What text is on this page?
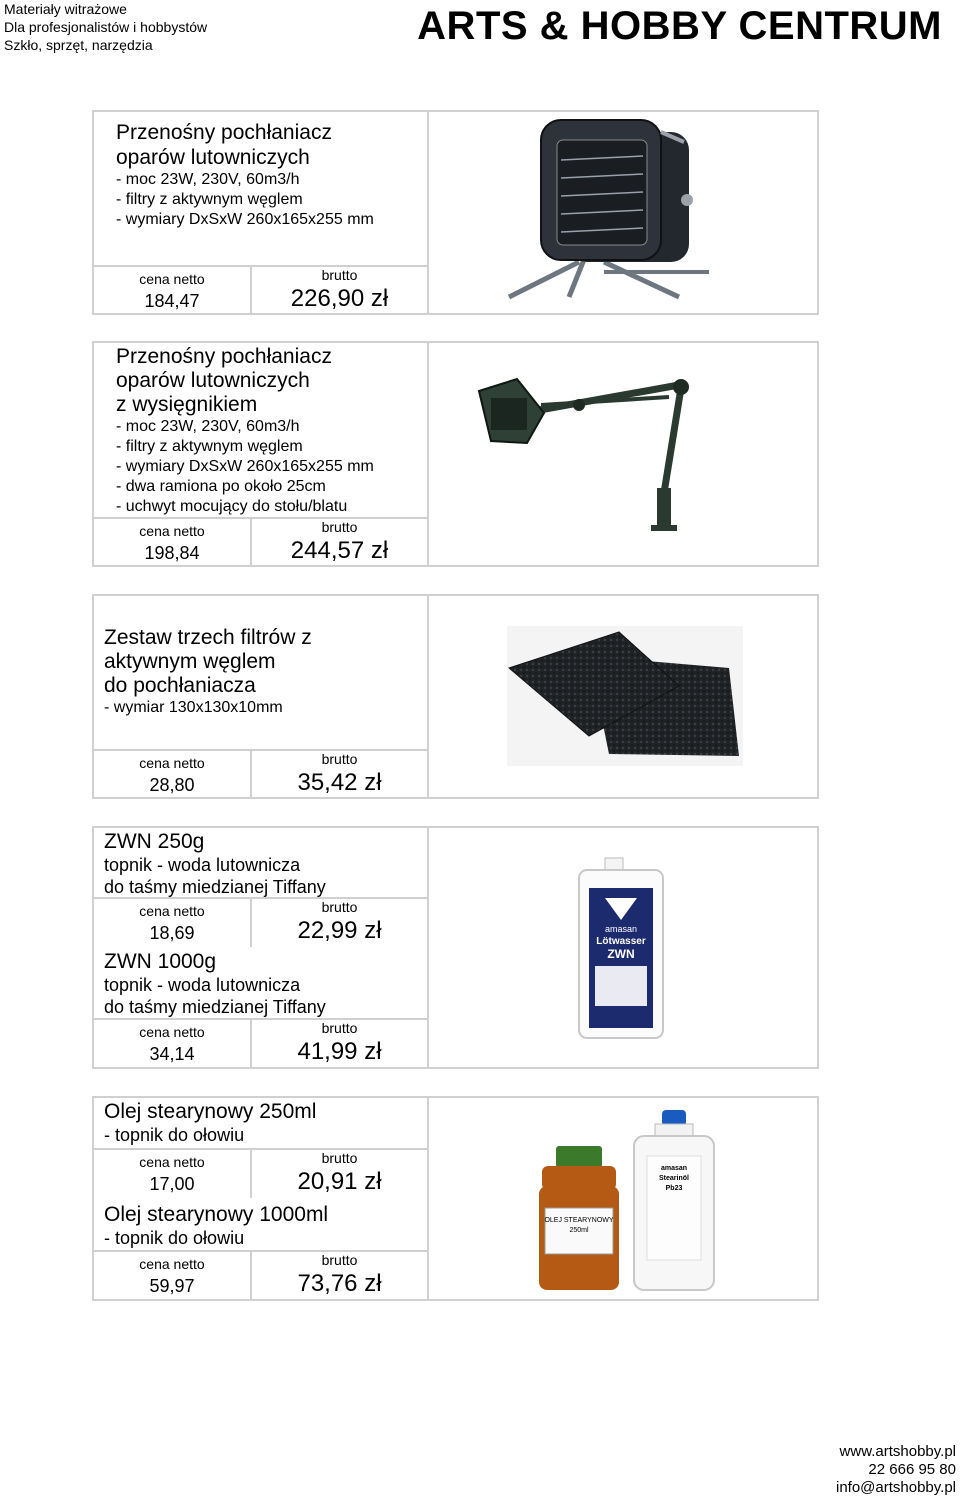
Materiały witrażowe
Dla profesjonalistów i hobbystów
Szkło, sprzęt, narzędzia	ARTS & HOBBY CENTRUM
Przenośny pochłaniacz
oparów lutowniczych
- moc 23W, 230V, 60m3/h
- filtry z aktywnym węglem
- wymiary DxSxW 260x165x255 mm
cena netto
184,47
brutto
226,90 zł
Przenośny pochłaniacz
oparów lutowniczych
z wysięgnikiem
- moc 23W, 230V, 60m3/h
- filtry z aktywnym węglem
- wymiary DxSxW 260x165x255 mm
- dwa ramiona po około 25cm
- uchwyt mocujący do stołu/blatu
cena netto
198,84
brutto
244,57 zł
Zestaw trzech filtrów z
aktywnym węglem
do pochłaniacza
- wymiar 130x130x10mm
cena netto
28,80
brutto
35,42 zł
ZWN 250g
topnik - woda lutownicza
do taśmy miedzianej Tiffany
cena netto
18,69
brutto
22,99 zł
ZWN 1000g
topnik - woda lutownicza
do taśmy miedzianej Tiffany
cena netto
34,14
brutto
41,99 zł
amasan
Lötwasser
ZWN
Olej stearynowy 250ml
- topnik do ołowiu
cena netto
17,00
brutto
20,91 zł
Olej stearynowy 1000ml
- topnik do ołowiu
cena netto
59,97
brutto
73,76 zł
OLEJ STEARYNOWY
250ml
amasan
Stearinöl
Pb23
www.artshobby.pl
22 666 95 80
info@artshobby.pl
